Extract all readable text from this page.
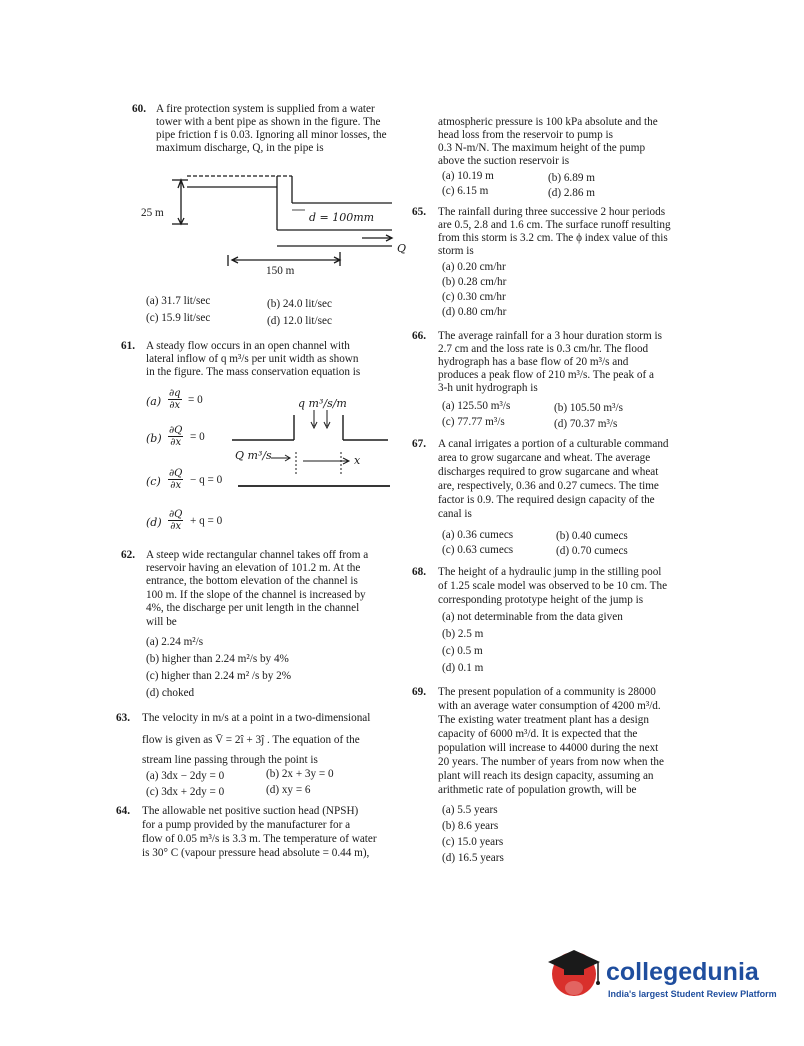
60. A fire protection system is supplied from a water
tower with a bent pipe as shown in the figure. The
pipe friction f is 0.03. Ignoring all minor losses, the
maximum discharge, Q, in the pipe is
25 m	d = 100mm
150 m
Q
(a) 31.7 lit/sec	(b) 24.0 lit/sec
(c) 15.9 lit/sec	(d) 12.0 lit/sec
61. A steady flow occurs in an open channel with
lateral inflow of q m³/s per unit width as shown
in the figure. The mass conservation equation is
$(a) \frac{\partial q}{\partial x} = 0$
$(b) \frac{\partial Q}{\partial x} = 0$
$(c) \frac{\partial Q}{\partial x} - q = 0$
$(d) \frac{\partial Q}{\partial x} + q = 0$
q m³/s/m
Q m³/s	x
62. A steep wide rectangular channel takes off from a
reservoir having an elevation of 101.2 m. At the
entrance, the bottom elevation of the channel is
100 m. If the slope of the channel is increased by
4%, the discharge per unit length in the channel
will be
(a) 2.24 m²/s
(b) higher than 2.24 m²/s by 4%
(c) higher than 2.24 m² /s by 2%
(d) choked
63. The velocity in m/s at a point in a two-dimensional
flow is given as V̄ = 2î + 3ĵ . The equation of the
stream line passing through the point is
(a) 3dx − 2dy = 0	(b) 2x + 3y = 0
(c) 3dx + 2dy = 0	(d) xy = 6
64. The allowable net positive suction head (NPSH)
for a pump provided by the manufacturer for a
flow of 0.05 m³/s is 3.3 m. The temperature of water
is 30° C (vapour pressure head absolute = 0.44 m),
atmospheric pressure is 100 kPa absolute and the
head loss from the reservoir to pump is
0.3 N-m/N. The maximum height of the pump
above the suction reservoir is
(a) 10.19 m	(b) 6.89 m
(c) 6.15 m	(d) 2.86 m
65. The rainfall during three successive 2 hour periods
are 0.5, 2.8 and 1.6 cm. The surface runoff resulting
from this storm is 3.2 cm. The ϕ index value of this
storm is
(a) 0.20 cm/hr
(b) 0.28 cm/hr
(c) 0.30 cm/hr
(d) 0.80 cm/hr
66. The average rainfall for a 3 hour duration storm is
2.7 cm and the loss rate is 0.3 cm/hr. The flood
hydrograph has a base flow of 20 m³/s and
produces a peak flow of 210 m³/s. The peak of a
3-h unit hydrograph is
(a) 125.50 m³/s	(b) 105.50 m³/s
(c) 77.77 m³/s	(d) 70.37 m³/s
67. A canal irrigates a portion of a culturable command
area to grow sugarcane and wheat. The average
discharges required to grow sugarcane and wheat
are, respectively, 0.36 and 0.27 cumecs. The time
factor is 0.9. The required design capacity of the
canal is
(a) 0.36 cumecs	(b) 0.40 cumecs
(c) 0.63 cumecs	(d) 0.70 cumecs
68. The height of a hydraulic jump in the stilling pool
of 1.25 scale model was observed to be 10 cm. The
corresponding prototype height of the jump is
(a) not determinable from the data given
(b) 2.5 m
(c) 0.5 m
(d) 0.1 m
69. The present population of a community is 28000
with an average water consumption of 4200 m³/d.
The existing water treatment plant has a design
capacity of 6000 m³/d. It is expected that the
population will increase to 44000 during the next
20 years. The number of years from now when the
plant will reach its design capacity, assuming an
arithmetic rate of population growth, will be
(a) 5.5 years
(b) 8.6 years
(c) 15.0 years
(d) 16.5 years
collegedunia
India's largest Student Review Platform
